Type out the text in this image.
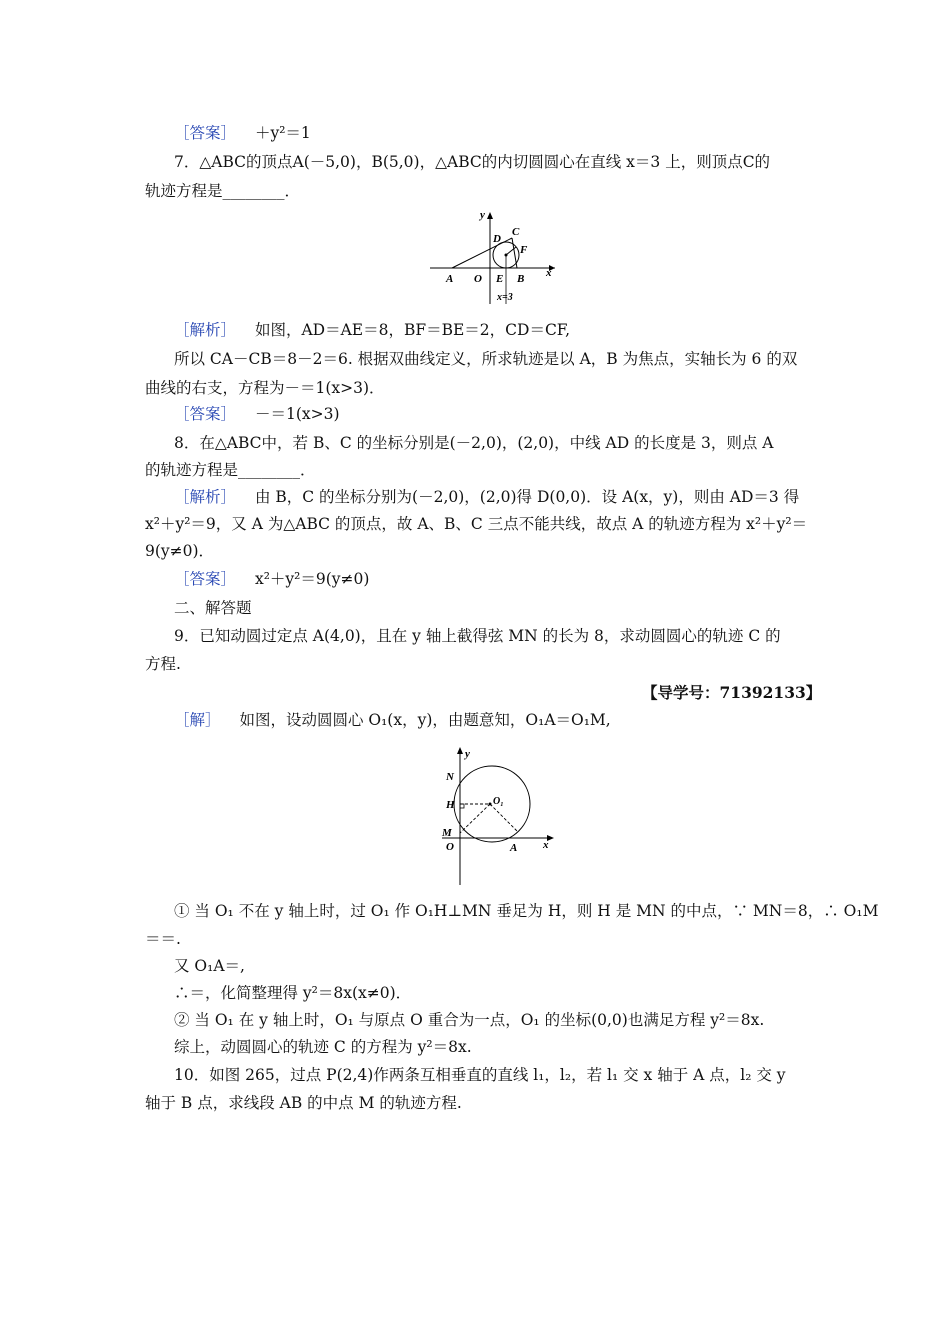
［答案］ ＋y²＝1
7．△ABC的顶点A(－5,0)，B(5,0)，△ABC的内切圆圆心在直线 x＝3 上，则顶点C的
轨迹方程是________．
y
D
C
F
A O E B x
x=3
［解析］ 如图，AD＝AE＝8，BF＝BE＝2，CD＝CF,
所以 CA－CB＝8－2＝6. 根据双曲线定义，所求轨迹是以 A，B 为焦点，实轴长为 6 的双
曲线的右支，方程为－＝1(x>3)．
［答案］ －＝1(x>3)
8．在△ABC中，若 B、C 的坐标分别是(－2,0)，(2,0)，中线 AD 的长度是 3，则点 A
的轨迹方程是________．
［解析］ 由 B，C 的坐标分别为(－2,0)，(2,0)得 D(0,0)．设 A(x，y)，则由 AD＝3 得
x²＋y²＝9，又 A 为△ABC 的顶点，故 A、B、C 三点不能共线，故点 A 的轨迹方程为 x²＋y²＝
9(y≠0)．
［答案］ x²＋y²＝9(y≠0)
二、解答题
9．已知动圆过定点 A(4,0)，且在 y 轴上截得弦 MN 的长为 8，求动圆圆心的轨迹 C 的
方程.
【导学号：71392133】
［解］ 如图，设动圆圆心 O₁(x，y)，由题意知，O₁A＝O₁M,
y
N
H	O₁
M
O	A x
① 当 O₁ 不在 y 轴上时，过 O₁ 作 O₁H⊥MN 垂足为 H，则 H 是 MN 的中点，∵ MN＝8，∴ O₁M
＝＝.
又 O₁A＝,
∴＝，化简整理得 y²＝8x(x≠0)．
② 当 O₁ 在 y 轴上时，O₁ 与原点 O 重合为一点，O₁ 的坐标(0,0)也满足方程 y²＝8x.
综上，动圆圆心的轨迹 C 的方程为 y²＝8x.
10．如图 265，过点 P(2,4)作两条互相垂直的直线 l₁，l₂，若 l₁ 交 x 轴于 A 点，l₂ 交 y
轴于 B 点，求线段 AB 的中点 M 的轨迹方程.
